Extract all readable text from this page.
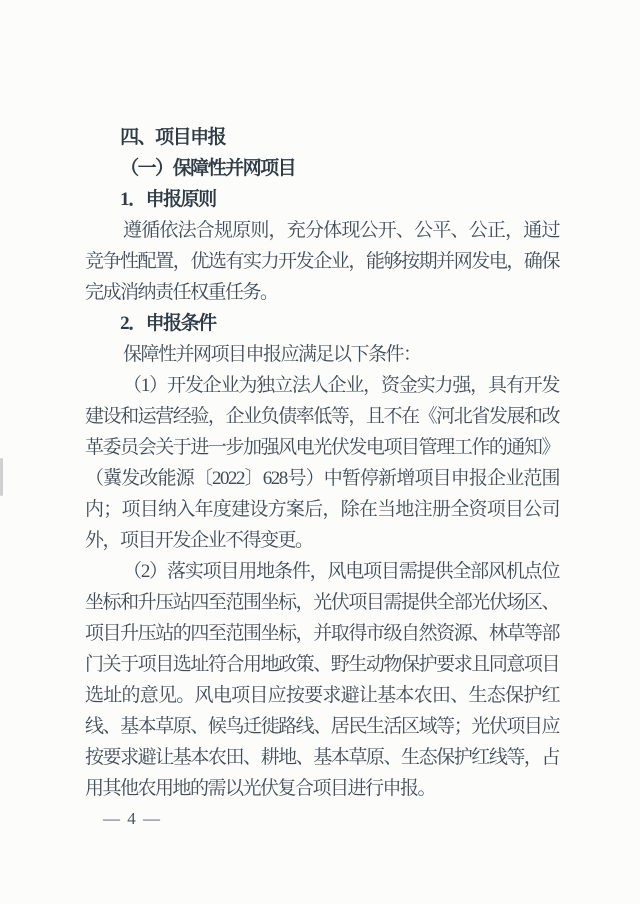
四、项目申报

（一）保障性并网项目

1．申报原则

遵循依法合规原则，充分体现公开、公平、公正，通过竞争性配置，优选有实力开发企业，能够按期并网发电，确保完成消纳责任权重任务。

2．申报条件

保障性并网项目申报应满足以下条件：

（1）开发企业为独立法人企业，资金实力强，具有开发建设和运营经验，企业负债率低等，且不在《河北省发展和改革委员会关于进一步加强风电光伏发电项目管理工作的通知》（冀发改能源〔2022〕628号）中暂停新增项目申报企业范围内；项目纳入年度建设方案后，除在当地注册全资项目公司外，项目开发企业不得变更。

（2）落实项目用地条件，风电项目需提供全部风机点位坐标和升压站四至范围坐标，光伏项目需提供全部光伏场区、项目升压站的四至范围坐标，并取得市级自然资源、林草等部门关于项目选址符合用地政策、野生动物保护要求且同意项目选址的意见。风电项目应按要求避让基本农田、生态保护红线、基本草原、候鸟迁徙路线、居民生活区域等；光伏项目应按要求避让基本农田、耕地、基本草原、生态保护红线等，占用其他农用地的需以光伏复合项目进行申报。

— 4 —
